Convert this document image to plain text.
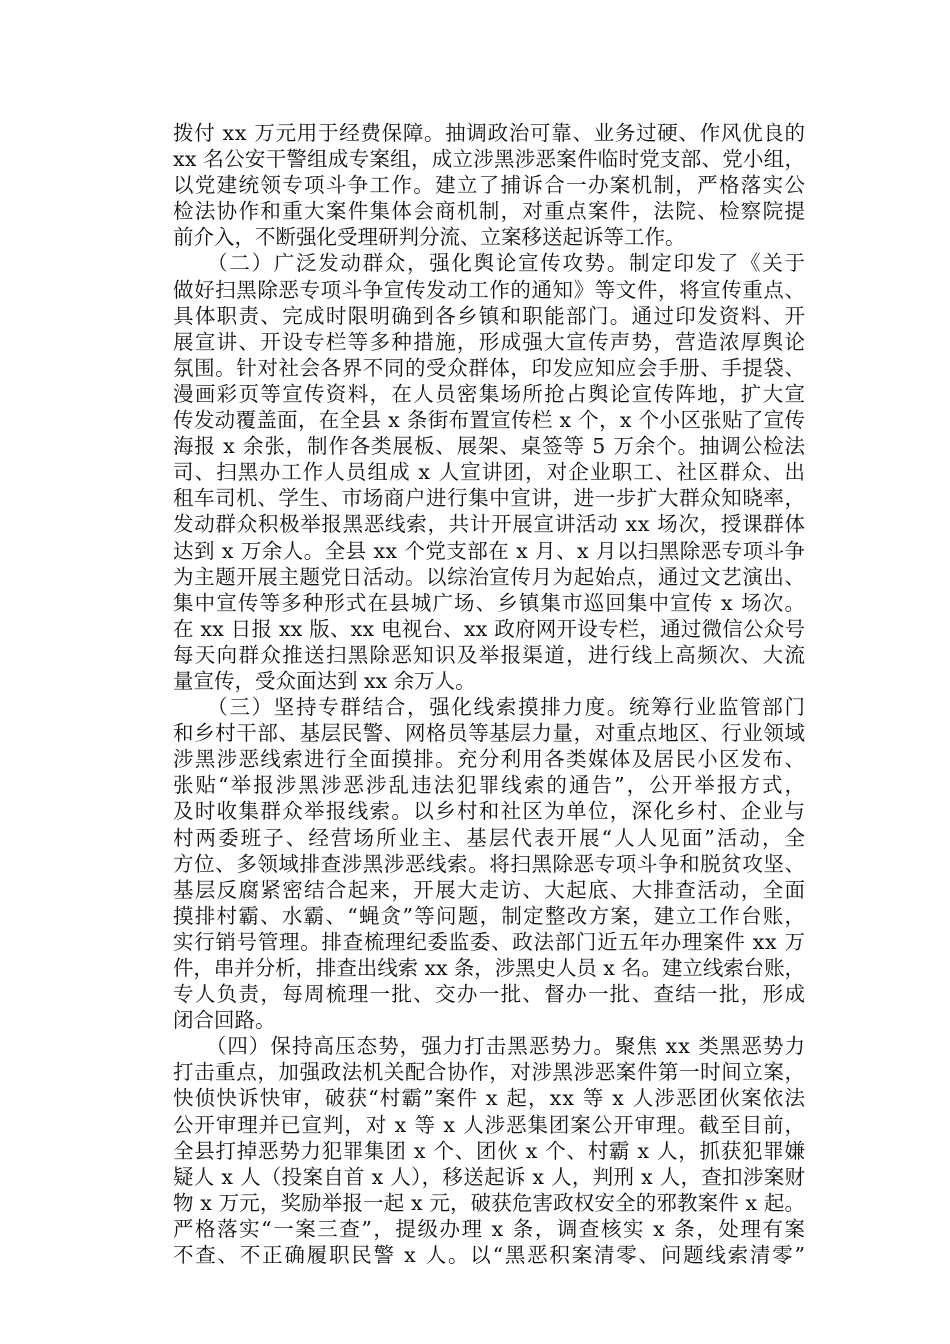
拨付 xx 万元用于经费保障。抽调政治可靠、业务过硬、作风优良的
xx 名公安干警组成专案组，成立涉黑涉恶案件临时党支部、党小组，
以党建统领专项斗争工作。建立了捕诉合一办案机制，严格落实公
检法协作和重大案件集体会商机制，对重点案件，法院、检察院提
前介入，不断强化受理研判分流、立案移送起诉等工作。
　　（二）广泛发动群众，强化舆论宣传攻势。制定印发了《关于
做好扫黑除恶专项斗争宣传发动工作的通知》等文件，将宣传重点、
具体职责、完成时限明确到各乡镇和职能部门。通过印发资料、开
展宣讲、开设专栏等多种措施，形成强大宣传声势，营造浓厚舆论
氛围。针对社会各界不同的受众群体，印发应知应会手册、手提袋、
漫画彩页等宣传资料，在人员密集场所抢占舆论宣传阵地，扩大宣
传发动覆盖面，在全县 x 条街布置宣传栏 x 个，x 个小区张贴了宣传
海报 x 余张，制作各类展板、展架、桌签等 5 万余个。抽调公检法
司、扫黑办工作人员组成 x 人宣讲团，对企业职工、社区群众、出
租车司机、学生、市场商户进行集中宣讲，进一步扩大群众知晓率，
发动群众积极举报黑恶线索，共计开展宣讲活动 xx 场次，授课群体
达到 x 万余人。全县 xx 个党支部在 x 月、x 月以扫黑除恶专项斗争
为主题开展主题党日活动。以综治宣传月为起始点，通过文艺演出、
集中宣传等多种形式在县城广场、乡镇集市巡回集中宣传 x 场次。
在 xx 日报 xx 版、xx 电视台、xx 政府网开设专栏，通过微信公众号
每天向群众推送扫黑除恶知识及举报渠道，进行线上高频次、大流
量宣传，受众面达到 xx 余万人。
　　（三）坚持专群结合，强化线索摸排力度。统筹行业监管部门
和乡村干部、基层民警、网格员等基层力量，对重点地区、行业领域
涉黑涉恶线索进行全面摸排。充分利用各类媒体及居民小区发布、
张贴“举报涉黑涉恶涉乱违法犯罪线索的通告”，公开举报方式，
及时收集群众举报线索。以乡村和社区为单位，深化乡村、企业与
村两委班子、经营场所业主、基层代表开展“人人见面”活动，全
方位、多领域排查涉黑涉恶线索。将扫黑除恶专项斗争和脱贫攻坚、
基层反腐紧密结合起来，开展大走访、大起底、大排查活动，全面
摸排村霸、水霸、“蝇贪”等问题，制定整改方案，建立工作台账，
实行销号管理。排查梳理纪委监委、政法部门近五年办理案件 xx 万
件，串并分析，排查出线索 xx 条，涉黑史人员 x 名。建立线索台账，
专人负责，每周梳理一批、交办一批、督办一批、查结一批，形成
闭合回路。
　　（四）保持高压态势，强力打击黑恶势力。聚焦 xx 类黑恶势力
打击重点，加强政法机关配合协作，对涉黑涉恶案件第一时间立案，
快侦快诉快审，破获“村霸”案件 x 起，xx 等 x 人涉恶团伙案依法
公开审理并已宣判，对 x 等 x 人涉恶集团案公开审理。截至目前，
全县打掉恶势力犯罪集团 x 个、团伙 x 个、村霸 x 人，抓获犯罪嫌
疑人 x 人（投案自首 x 人），移送起诉 x 人，判刑 x 人，查扣涉案财
物 x 万元，奖励举报一起 x 元，破获危害政权安全的邪教案件 x 起。
严格落实“一案三查”，提级办理 x 条，调查核实 x 条，处理有案
不查、不正确履职民警 x 人。以“黑恶积案清零、问题线索清零”
